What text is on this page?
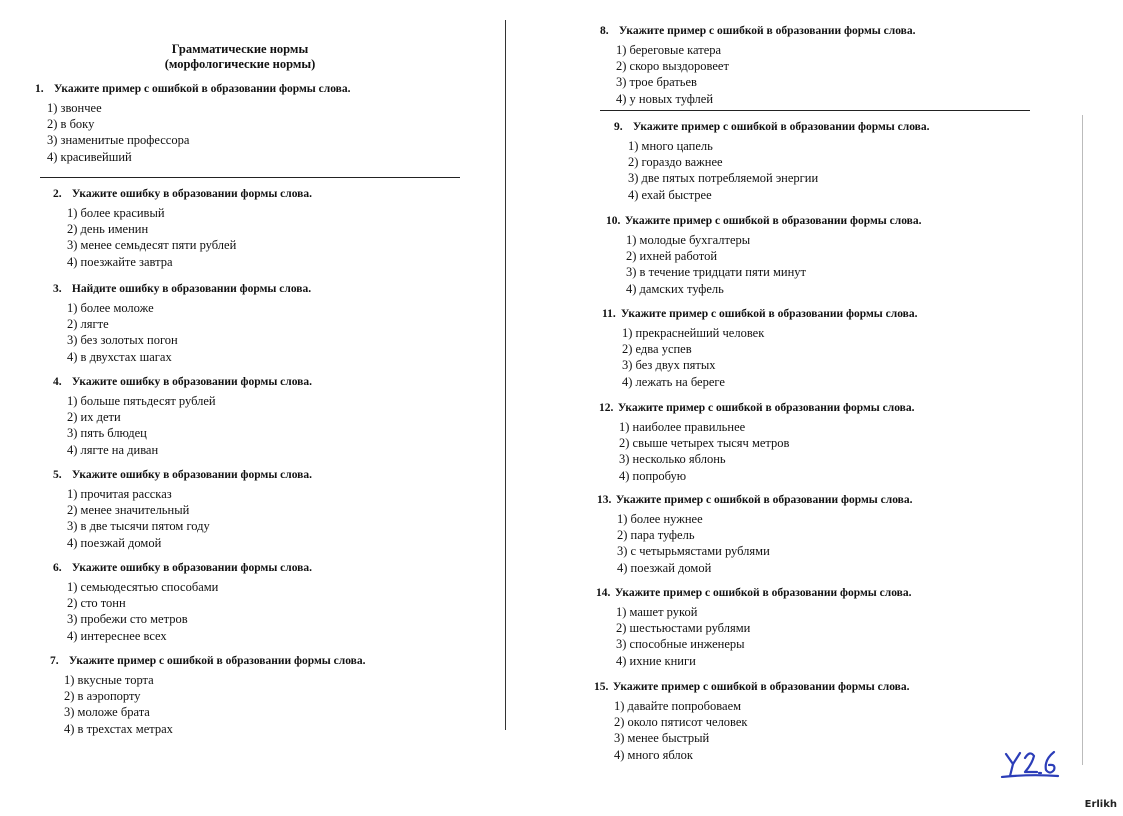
Грамматические нормы
(морфологические нормы)
1. Укажите пример с ошибкой в образовании формы слова.
1) звончее
2) в боку
3) знаменитые профессора
4) красивейший
2. Укажите ошибку в образовании формы слова.
1) более красивый
2) день именин
3) менее семьдесят пяти рублей
4) поезжайте завтра
3. Найдите ошибку в образовании формы слова.
1) более моложе
2) лягте
3) без золотых погон
4) в двухстах шагах
4. Укажите ошибку в образовании формы слова.
1) больше пятьдесят рублей
2) их дети
3) пять блюдец
4) лягте на диван
5. Укажите ошибку в образовании формы слова.
1) прочитая рассказ
2) менее значительный
3) в две тысячи пятом году
4) поезжай домой
6. Укажите ошибку в образовании формы слова.
1) семьюдесятью способами
2) сто тонн
3) пробежи сто метров
4) интереснее всех
7. Укажите пример с ошибкой в образовании формы слова.
1) вкусные торта
2) в аэропорту
3) моложе брата
4) в трехстах метрах
8. Укажите пример с ошибкой в образовании формы слова.
1) береговые катера
2) скоро выздоровеет
3) трое братьев
4) у новых туфлей
9. Укажите пример с ошибкой в образовании формы слова.
1) много цапель
2) гораздо важнее
3) две пятых потребляемой энергии
4) ехай быстрее
10. Укажите пример с ошибкой в образовании формы слова.
1) молодые бухгалтеры
2) ихней работой
3) в течение тридцати пяти минут
4) дамских туфель
11. Укажите пример с ошибкой в образовании формы слова.
1) прекраснейший человек
2) едва успев
3) без двух пятых
4) лежать на береге
12. Укажите пример с ошибкой в образовании формы слова.
1) наиболее правильнее
2) свыше четырех тысяч метров
3) несколько яблонь
4) попробую
13. Укажите пример с ошибкой в образовании формы слова.
1) более нужнее
2) пара туфель
3) с четырьмястами рублями
4) поезжай домой
14. Укажите пример с ошибкой в образовании формы слова.
1) машет рукой
2) шестьюстами рублями
3) способные инженеры
4) ихние книги
15. Укажите пример с ошибкой в образовании формы слова.
1) давайте попробоваем
2) около пятисот человек
3) менее быстрый
4) много яблок
Erlikh
